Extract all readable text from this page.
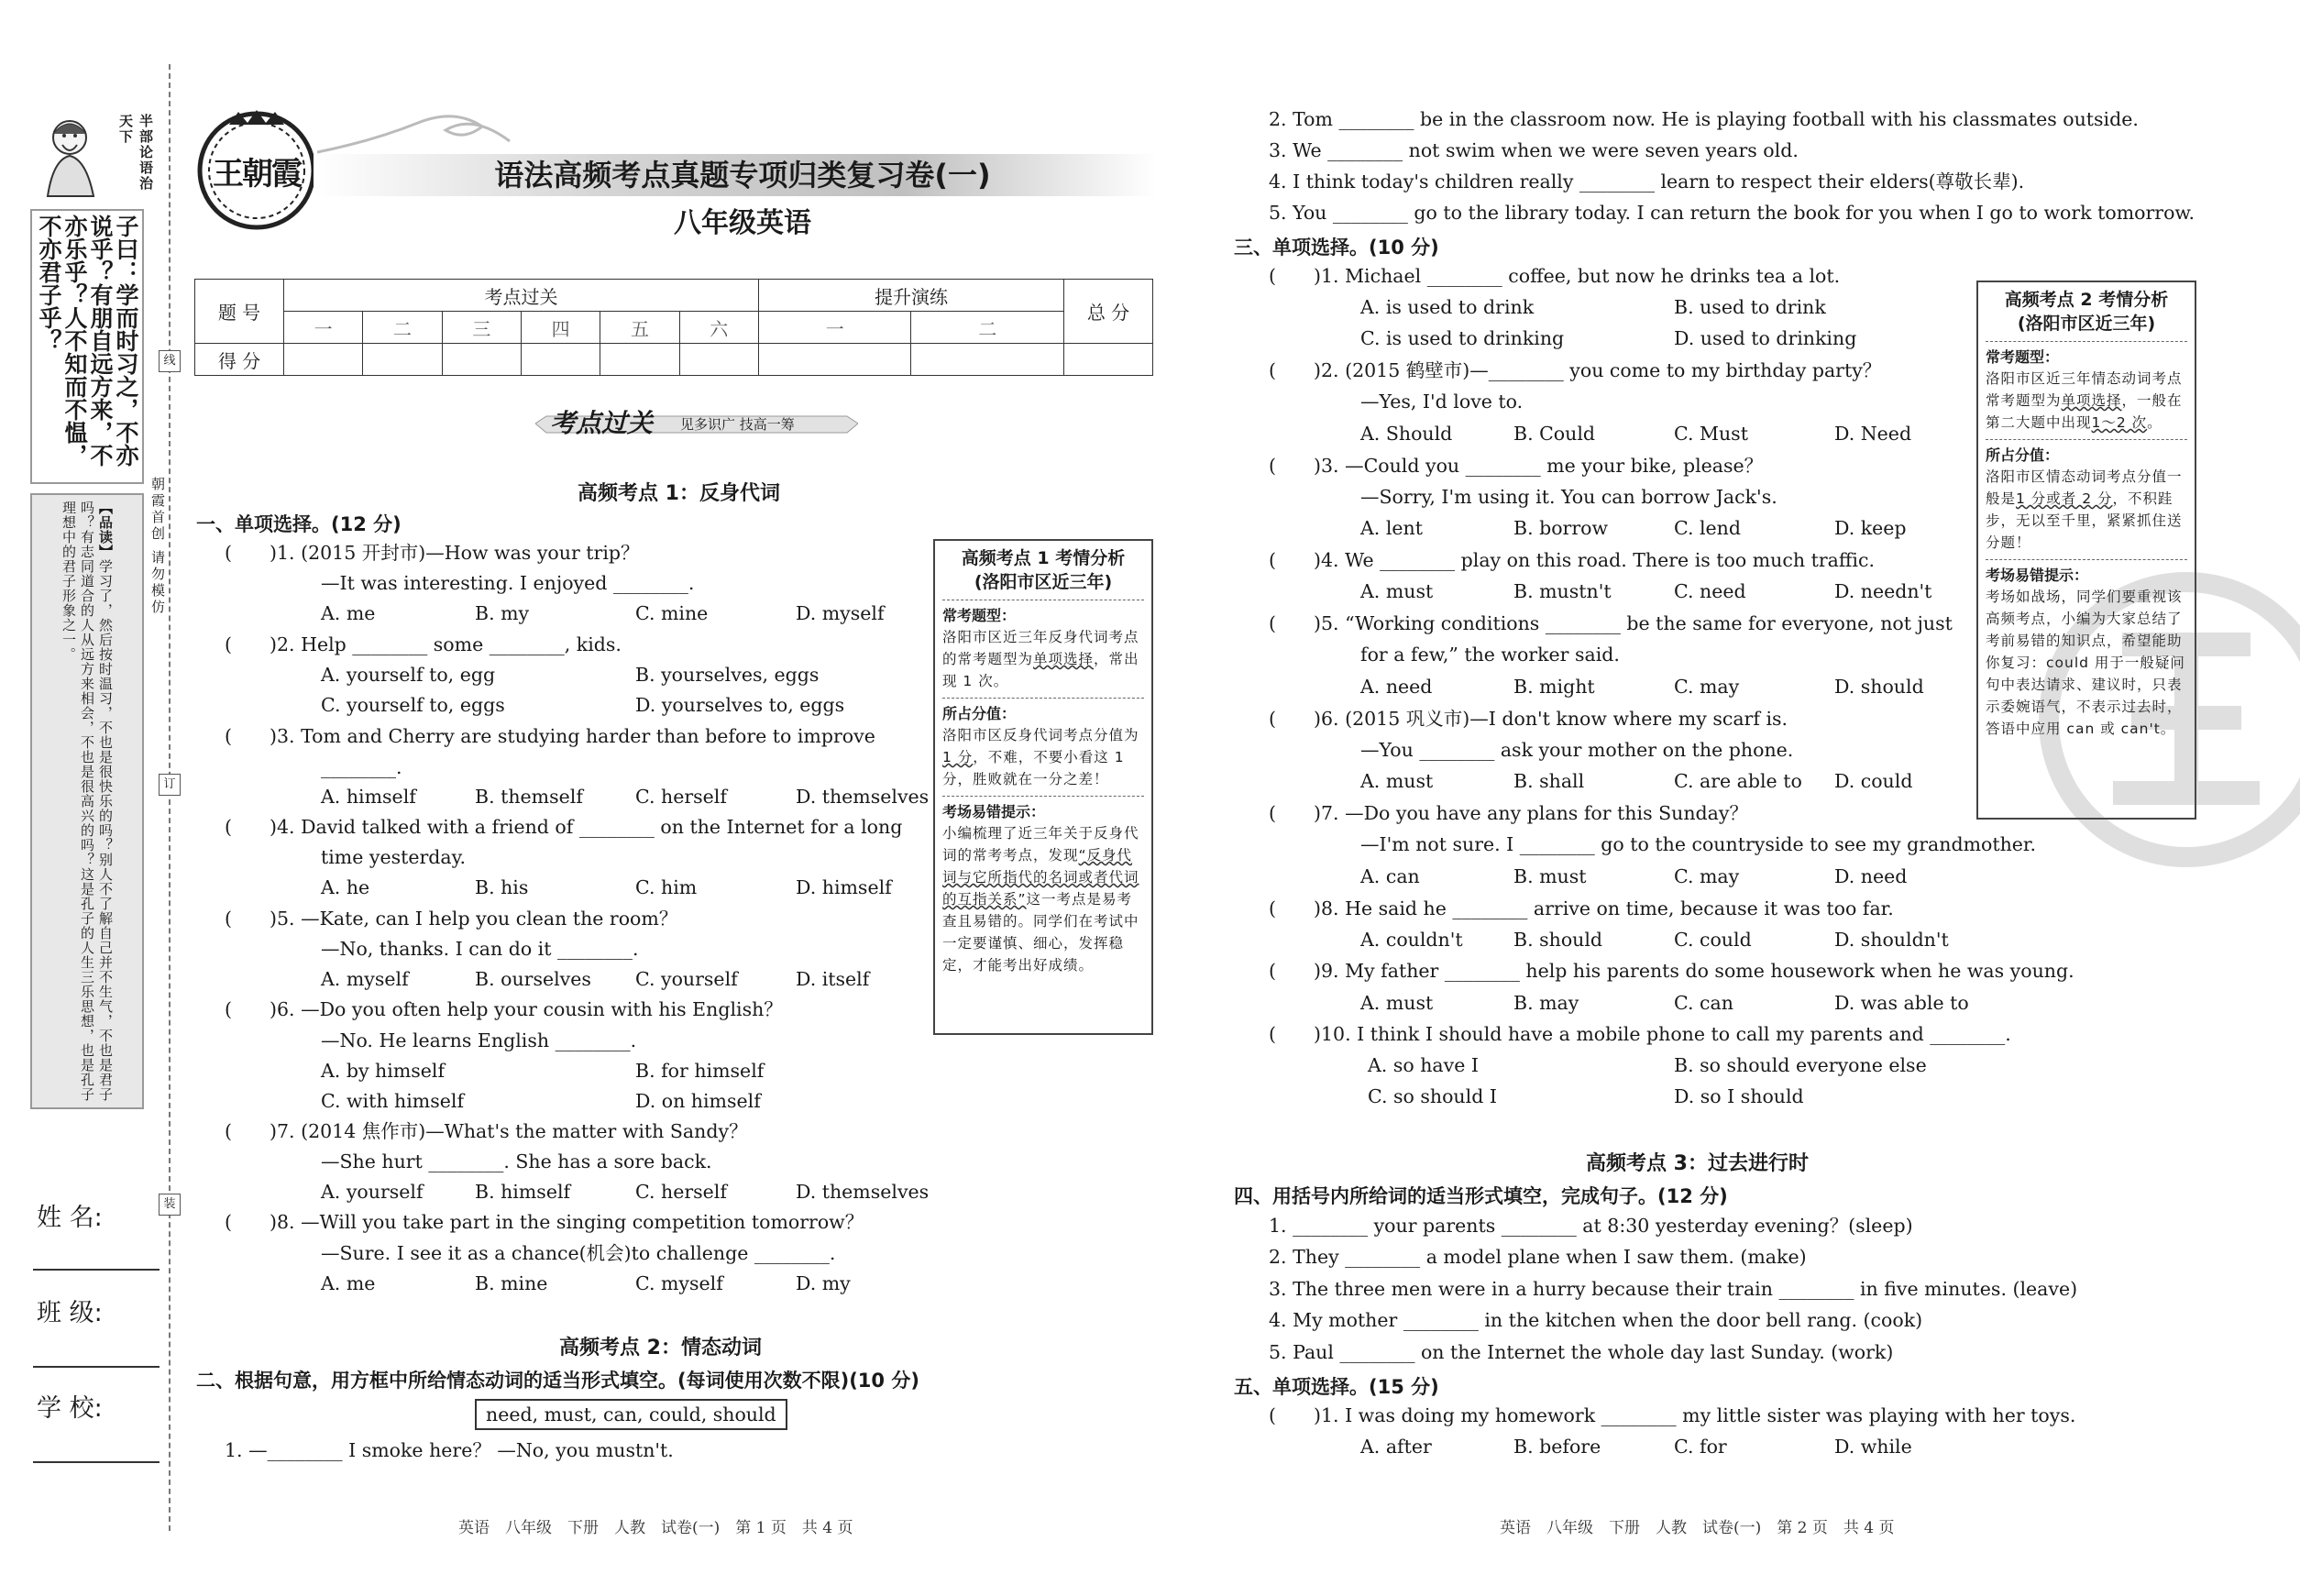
半部论语治天下
子曰：学而时习之，不亦说乎？有朋自远方来，不亦乐乎？人不知而不愠，不亦君子乎？
【品读】学习了，然后按时温习，不也是很快乐的吗？别人不了解自己并不生气，不也是君子吗？有志同道合的人从远方来相会，不也是很高兴的吗？这是孔子的人生三乐思想，也是孔子理想中的君子形象之一。
姓 名:
班 级:
学 校:
线
订
装
朝霞首创 请勿模仿
王朝霞	语法高频考点真题专项归类复习卷(一)
八年级英语
题 号	考点过关						提升演练		总 分
	一	二	三	四	五	六	一	二	
得 分									
考点过关 见多识广 技高一筹
高频考点 1：反身代词
一、单项选择。(12 分)
(　　)1. (2015 开封市)—How was your trip？
—It was interesting. I enjoyed ________.
A. me	B. my	C. mine	D. myself
(　　)2. Help ________ some ________, kids.
A. yourself to, egg	B. yourselves, eggs
C. yourself to, eggs	D. yourselves to, eggs
(　　)3. Tom and Cherry are studying harder than before to improve
________.
A. himself	B. themself	C. herself	D. themselves
(　　)4. David talked with a friend of ________ on the Internet for a long
time yesterday.
A. he	B. his	C. him	D. himself
(　　)5. —Kate, can I help you clean the room？
—No, thanks. I can do it ________.
A. myself	B. ourselves C. yourself	D. itself
(　　)6. —Do you often help your cousin with his English？
—No. He learns English ________.
A. by himself	B. for himself
C. with himself	D. on himself
(　　)7. (2014 焦作市)—What's the matter with Sandy？
—She hurt ________. She has a sore back.
A. yourself	B. himself	C. herself	D. themselves
(　　)8. —Will you take part in the singing competition tomorrow？
—Sure. I see it as a chance(机会)to challenge ________.
A. me	B. mine	C. myself	D. my
高频考点 2：情态动词
二、根据句意，用方框中所给情态动词的适当形式填空。(每词使用次数不限)(10 分)
need, must, can, could, should
1. —________ I smoke here？ —No, you mustn't.
英语　八年级　下册　人教　试卷(一)　第 1 页　共 4 页
高频考点 1 考情分析
(洛阳市区近三年)
常考题型：
洛阳市区近三年反身代词考点的常考题型为单项选择，常出现 1 次。
所占分值：
洛阳市区反身代词考点分值为1 分，不难，不要小看这 1 分，胜败就在一分之差！
考场易错提示：
小编梳理了近三年关于反身代词的常考考点，发现“反身代词与它所指代的名词或者代词的互指关系”这一考点是易考查且易错的。同学们在考试中一定要谨慎、细心，发挥稳定，才能考出好成绩。
2. Tom ________ be in the classroom now. He is playing football with his classmates outside.
3. We ________ not swim when we were seven years old.
4. I think today's children really ________ learn to respect their elders(尊敬长辈).
5. You ________ go to the library today. I can return the book for you when I go to work tomorrow.
三、单项选择。(10 分)
(　　)1. Michael ________ coffee, but now he drinks tea a lot.
A. is used to drink	B. used to drink
C. is used to drinking	D. used to drinking
(　　)2. (2015 鹤壁市)—________ you come to my birthday party？
—Yes, I'd love to.
A. Should	B. Could	C. Must	D. Need
(　　)3. —Could you ________ me your bike, please？
—Sorry, I'm using it. You can borrow Jack's.
A. lent	B. borrow	C. lend	D. keep
(　　)4. We ________ play on this road. There is too much traffic.
A. must	B. mustn't	C. need	D. needn't
(　　)5. “Working conditions ________ be the same for everyone, not just
for a few,” the worker said.
A. need	B. might	C. may	D. should
(　　)6. (2015 巩义市)—I don't know where my scarf is.
—You ________ ask your mother on the phone.
A. must	B. shall	C. are able to D. could
(　　)7. —Do you have any plans for this Sunday？
—I'm not sure. I ________ go to the countryside to see my grandmother.
A. can	B. must	C. may	D. need
(　　)8. He said he ________ arrive on time, because it was too far.
A. couldn't	B. should	C. could	D. shouldn't
(　　)9. My father ________ help his parents do some housework when he was young.
A. must	B. may	C. can	D. was able to
(　　)10. I think I should have a mobile phone to call my parents and ________.
A. so have I	B. so should everyone else
C. so should I	D. so I should
高频考点 3：过去进行时
四、用括号内所给词的适当形式填空，完成句子。(12 分)
1. ________ your parents ________ at 8:30 yesterday evening？(sleep)
2. They ________ a model plane when I saw them. (make)
3. The three men were in a hurry because their train ________ in five minutes. (leave)
4. My mother ________ in the kitchen when the door bell rang. (cook)
5. Paul ________ on the Internet the whole day last Sunday. (work)
五、单项选择。(15 分)
(　　)1. I was doing my homework ________ my little sister was playing with her toys.
A. after	B. before	C. for	D. while
英语　八年级　下册　人教　试卷(一)　第 2 页　共 4 页
高频考点 2 考情分析
(洛阳市区近三年)
常考题型：
洛阳市区近三年情态动词考点常考题型为单项选择，一般在第二大题中出现1～2 次。
所占分值：
洛阳市区情态动词考点分值一般是1 分或者 2 分，不积跬步，无以至千里，紧紧抓住送分题！
考场易错提示：
考场如战场，同学们要重视该高频考点，小编为大家总结了考前易错的知识点，希望能助你复习：could 用于一般疑问句中表达请求、建议时，只表示委婉语气，不表示过去时，答语中应用 can 或 can't。
